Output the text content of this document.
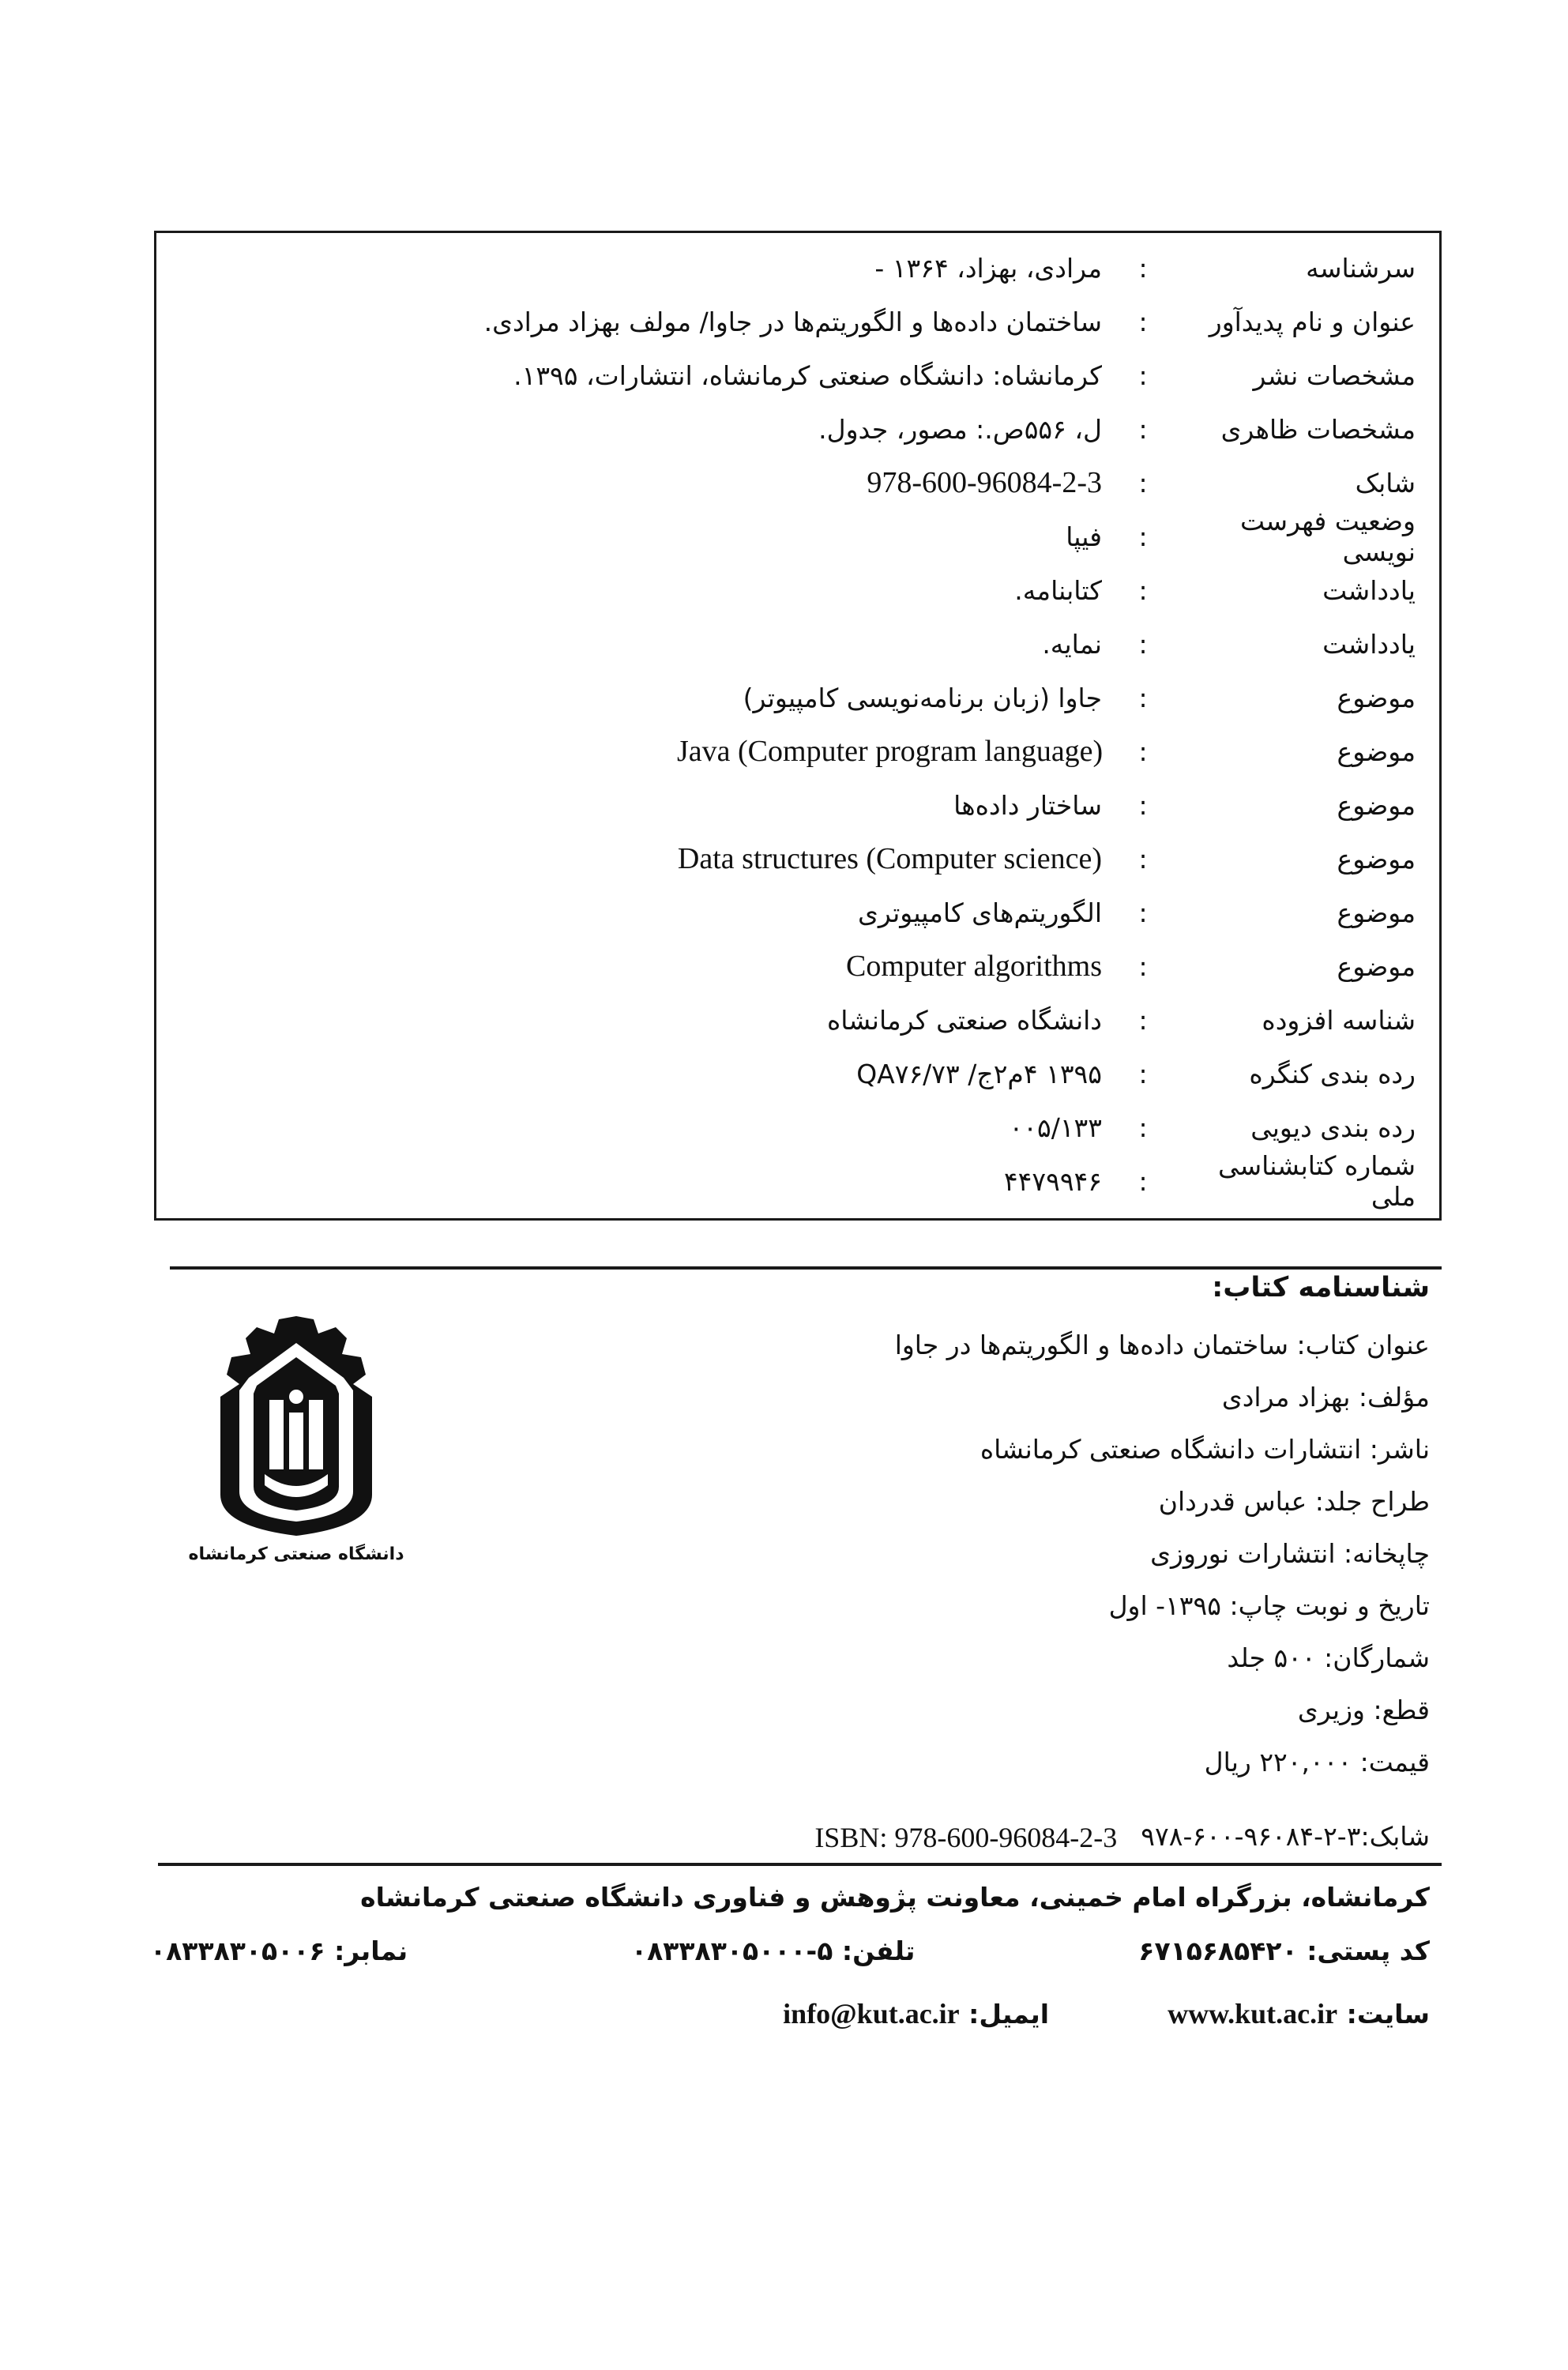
سرشناسه
:
مرادی، بهزاد، ۱۳۶۴ -
عنوان و نام پدیدآور
:
ساختمان داده‌ها و الگوریتم‌ها در جاوا/ مولف بهزاد مرادی.
مشخصات نشر
:
کرمانشاه: دانشگاه صنعتی کرمانشاه، انتشارات، ۱۳۹۵.
مشخصات ظاهری
:
ل، ۵۵۶ص.: مصور، جدول.
شابک
:
978-600-96084-2-3
وضعیت فهرست نویسی
:
فیپا
یادداشت
:
کتابنامه.
یادداشت
:
نمایه.
موضوع
:
جاوا (زبان برنامه‌نویسی کامپیوتر)
موضوع
:
Java (Computer program language)
موضوع
:
ساختار داده‌ها
موضوع
:
Data structures (Computer science)
موضوع
:
الگوریتم‌های کامپیوتری
موضوع
:
Computer algorithms
شناسه افزوده
:
دانشگاه صنعتی کرمانشاه
رده بندی کنگره
:
۱۳۹۵ ۴م۲ج/ QA۷۶/۷۳
رده بندی دیویی
:
۰۰۵/۱۳۳
شماره کتابشناسی ملی
:
۴۴۷۹۹۴۶
دانشگاه صنعتی کرمانشاه
شناسنامه کتاب:
عنوان کتاب: ساختمان داده‌ها و الگوریتم‌ها در جاوا
مؤلف: بهزاد مرادی
ناشر: انتشارات دانشگاه صنعتی کرمانشاه
طراح جلد: عباس قدردان
چاپخانه: انتشارات نوروزی
تاریخ و نوبت چاپ: ۱۳۹۵- اول
شمارگان: ۵۰۰ جلد
قطع: وزیری
قیمت: ۲۲۰,۰۰۰ ریال
شابک:۳-۲-۹۶۰۸۴-۶۰۰-۹۷۸
ISBN: 978-600-96084-2-3
کرمانشاه، بزرگراه امام خمینی، معاونت پژوهش و فناوری دانشگاه صنعتی کرمانشاه
کد پستی: ۶۷۱۵۶۸۵۴۲۰
تلفن: ۵-۰۸۳۳۸۳۰۵۰۰۰
نمابر: ۰۸۳۳۸۳۰۵۰۰۶
سایت: www.kut.ac.ir
ایمیل: info@kut.ac.ir
